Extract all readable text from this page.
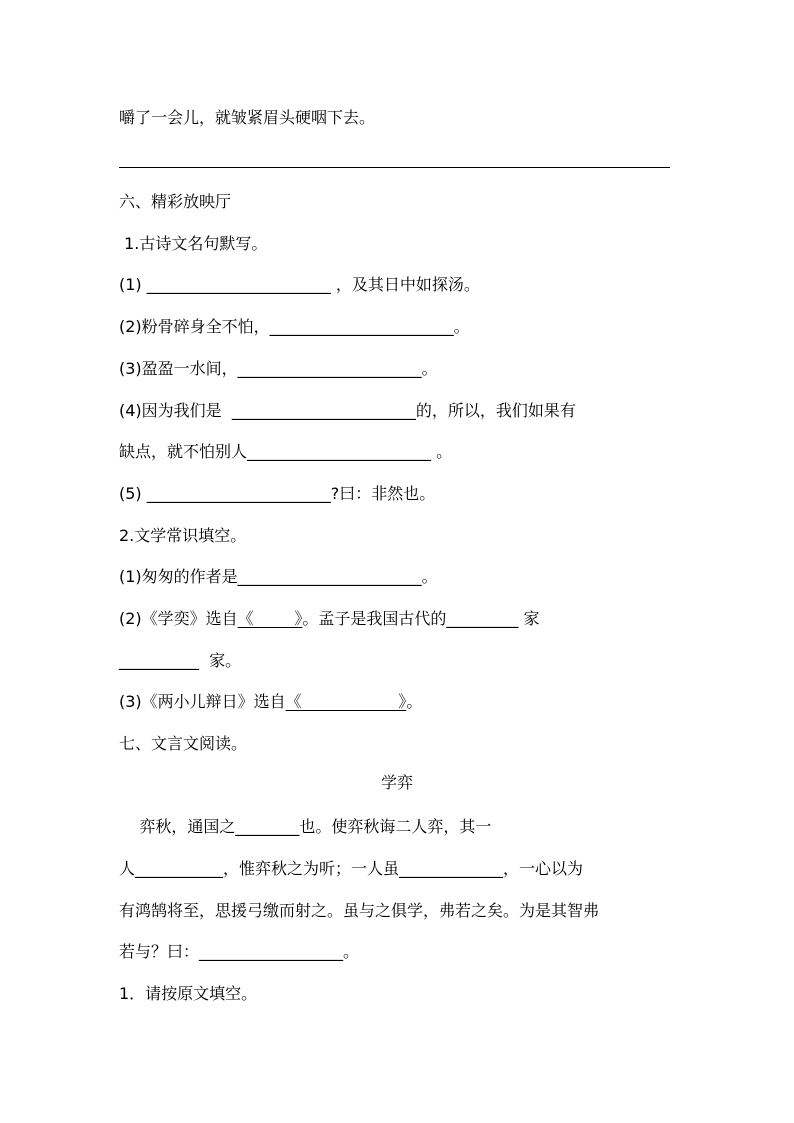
嚼了一会儿，就皱紧眉头硬咽下去。
六、精彩放映厅
1.古诗文名句默写。
(1) _______________________ ，及其日中如探汤。
(2)粉骨碎身全不怕，_______________________。
(3)盈盈一水间，_______________________。
(4)因为我们是  _______________________的，所以，我们如果有
缺点，就不怕别人_______________________ 。
(5) _______________________?曰：非然也。
2.文学常识填空。
(1)匆匆的作者是_______________________。
(2)《学奕》选自《        》。孟子是我国古代的_________ 家
__________  家。
(3)《两小儿辩日》选自《                   》。
七、文言文阅读。
学弈
弈秋，通国之________也。使弈秋诲二人弈，其一
人___________，惟弈秋之为听；一人虽_____________，一心以为
有鸿鹄将至，思援弓缴而射之。虽与之俱学，弗若之矣。为是其智弗
若与？曰：__________________。
1．请按原文填空。
